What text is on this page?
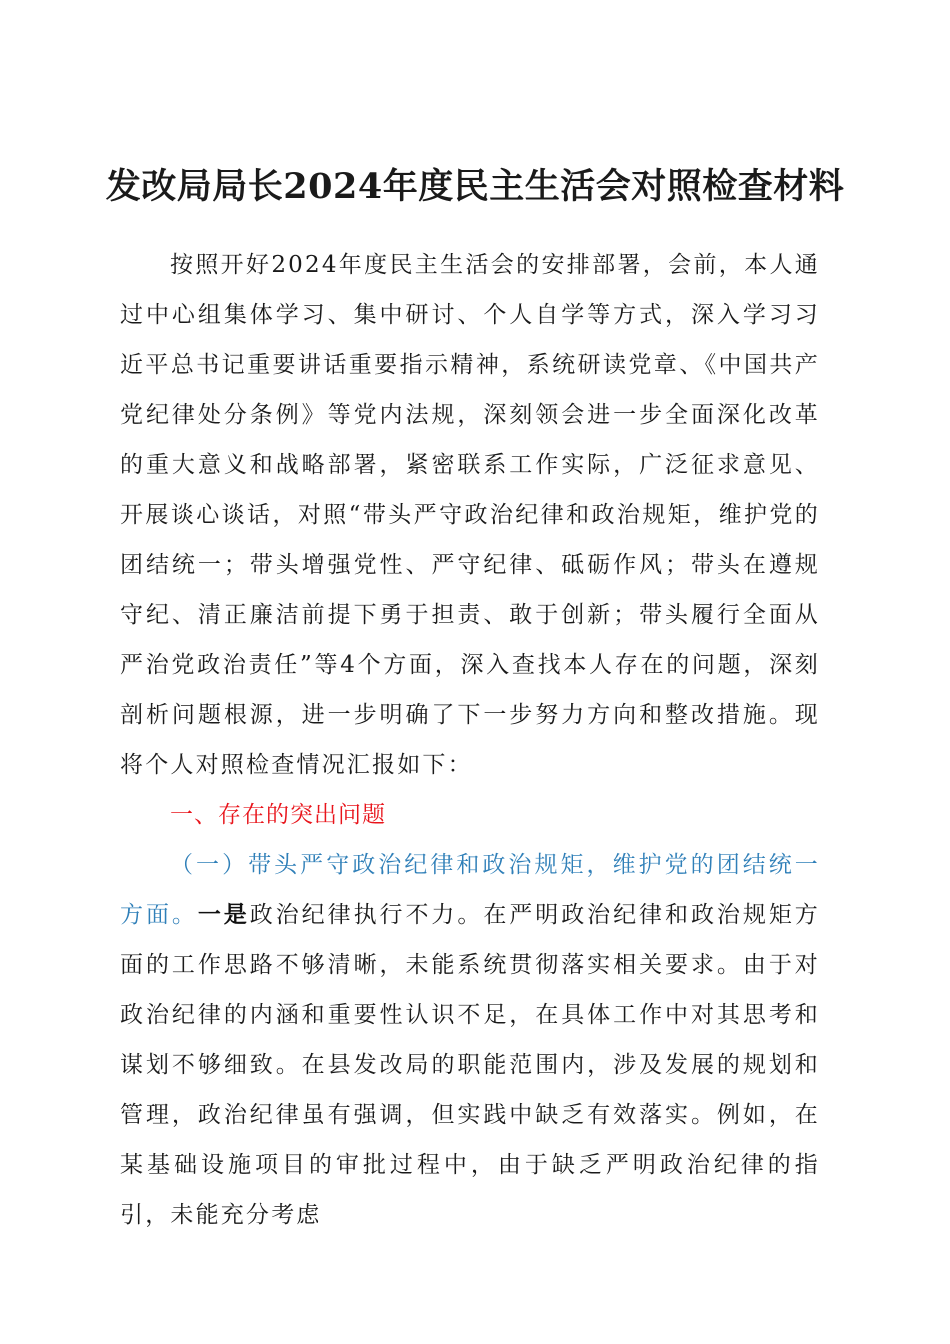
发改局局长2024年度民主生活会对照检查材料
按照开好2024年度民主生活会的安排部署，会前，本人通过中心组集体学习、集中研讨、个人自学等方式，深入学习习近平总书记重要讲话重要指示精神，系统研读党章、《中国共产党纪律处分条例》等党内法规，深刻领会进一步全面深化改革的重大意义和战略部署，紧密联系工作实际，广泛征求意见、开展谈心谈话，对照“带头严守政治纪律和政治规矩，维护党的团结统一；带头增强党性、严守纪律、砥砺作风；带头在遵规守纪、清正廉洁前提下勇于担责、敢于创新；带头履行全面从严治党政治责任”等4个方面，深入查找本人存在的问题，深刻剖析问题根源，进一步明确了下一步努力方向和整改措施。现将个人对照检查情况汇报如下：
一、存在的突出问题
（一）带头严守政治纪律和政治规矩，维护党的团结统一方面。一是政治纪律执行不力。在严明政治纪律和政治规矩方面的工作思路不够清晰，未能系统贯彻落实相关要求。由于对政治纪律的内涵和重要性认识不足，在具体工作中对其思考和谋划不够细致。在县发改局的职能范围内，涉及发展的规划和管理，政治纪律虽有强调，但实践中缺乏有效落实。例如，在某基础设施项目的审批过程中，由于缺乏严明政治纪律的指引，未能充分考虑
